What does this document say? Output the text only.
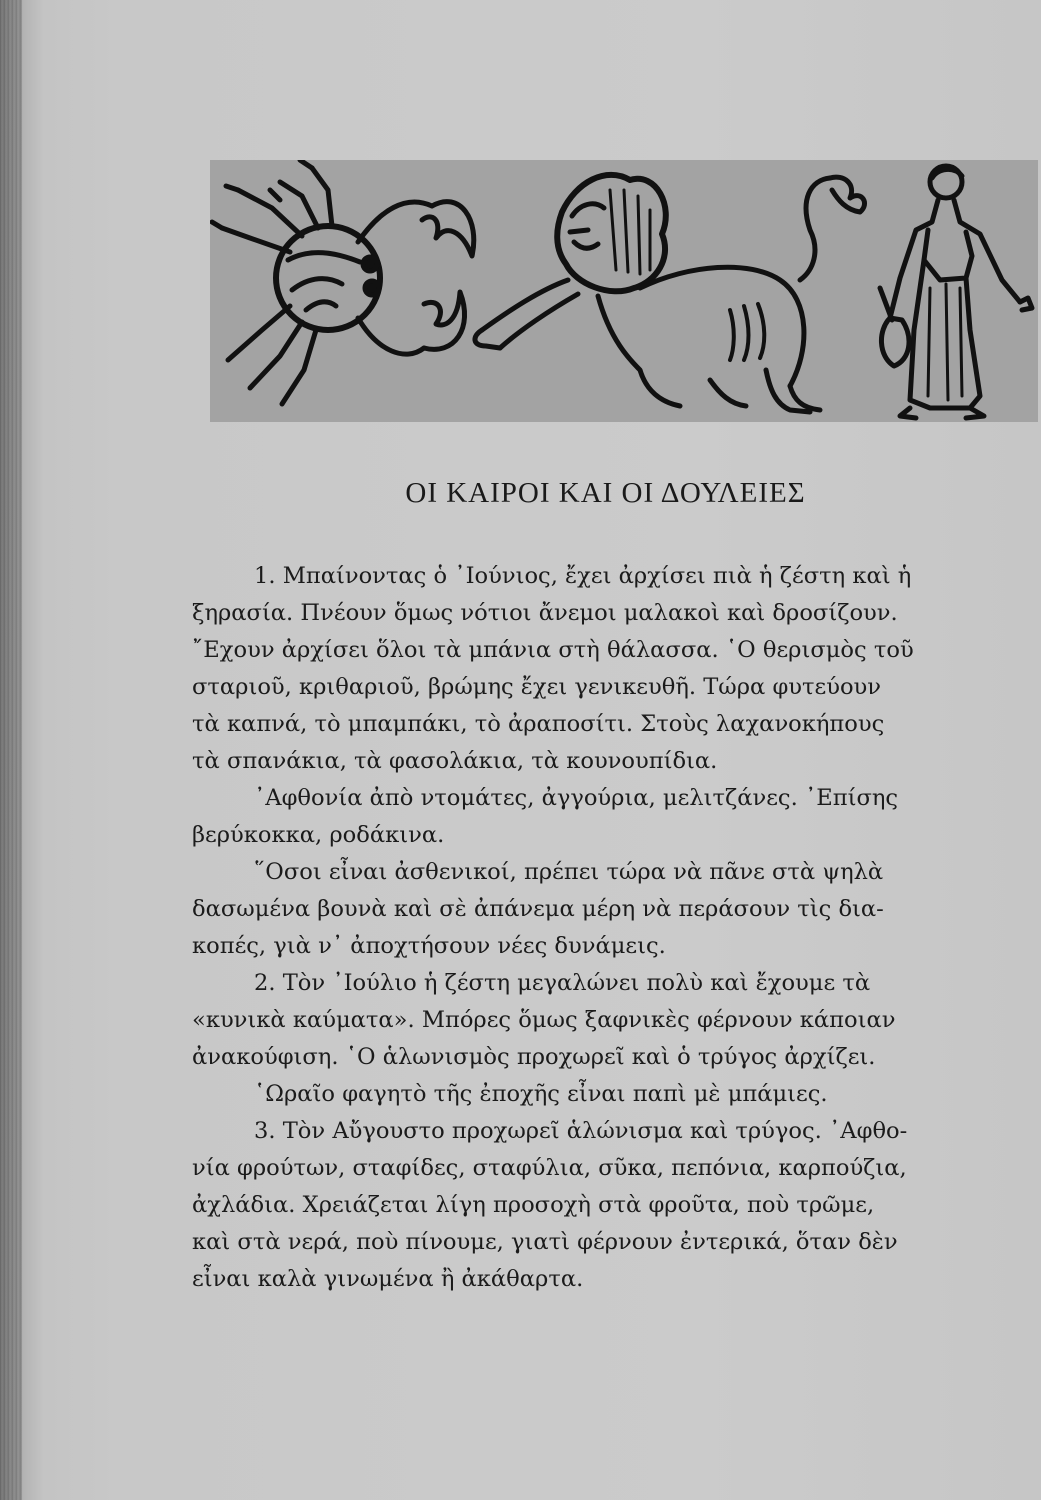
ΟΙ ΚΑΙΡΟΙ ΚΑΙ ΟΙ ΔΟΥΛΕΙΕΣ

1. Μπαίνοντας ὁ ᾿Ιούνιος, ἔχει ἀρχίσει πιὰ ἡ ζέστη καὶ ἡ
ξηρασία. Πνέουν ὅμως νότιοι ἄνεμοι μαλακοὶ καὶ δροσίζουν.
῎Εχουν ἀρχίσει ὅλοι τὰ μπάνια στὴ θάλασσα. ῾Ο θερισμὸς τοῦ
σταριοῦ, κριθαριοῦ, βρώμης ἔχει γενικευθῆ. Τώρα φυτεύουν
τὰ καπνά, τὸ μπαμπάκι, τὸ ἀραποσίτι. Στοὺς λαχανοκήπους
τὰ σπανάκια, τὰ φασολάκια, τὰ κουνουπίδια.

᾿Αφθονία ἀπὸ ντομάτες, ἀγγούρια, μελιτζάνες. ᾿Επίσης
βερύκοκκα, ροδάκινα.

῞Οσοι εἶναι ἀσθενικοί, πρέπει τώρα νὰ πᾶνε στὰ ψηλὰ
δασωμένα βουνὰ καὶ σὲ ἀπάνεμα μέρη νὰ περάσουν τὶς δια-
κοπές, γιὰ ν᾿ ἀποχτήσουν νέες δυνάμεις.

2. Τὸν ᾿Ιούλιο ἡ ζέστη μεγαλώνει πολὺ καὶ ἔχουμε τὰ
«κυνικὰ καύματα». Μπόρες ὅμως ξαφνικὲς φέρνουν κάποιαν
ἀνακούφιση. ῾Ο ἁλωνισμὸς προχωρεῖ καὶ ὁ τρύγος ἀρχίζει.

῾Ωραῖο φαγητὸ τῆς ἐποχῆς εἶναι παπὶ μὲ μπάμιες.

3. Τὸν Αὔγουστο προχωρεῖ ἁλώνισμα καὶ τρύγος. ᾿Αφθο-
νία φρούτων, σταφίδες, σταφύλια, σῦκα, πεπόνια, καρπούζια,
ἀχλάδια. Χρειάζεται λίγη προσοχὴ στὰ φροῦτα, ποὺ τρῶμε,
καὶ στὰ νερά, ποὺ πίνουμε, γιατὶ φέρνουν ἐντερικά, ὅταν δὲν
εἶναι καλὰ γινωμένα ἢ ἀκάθαρτα.
